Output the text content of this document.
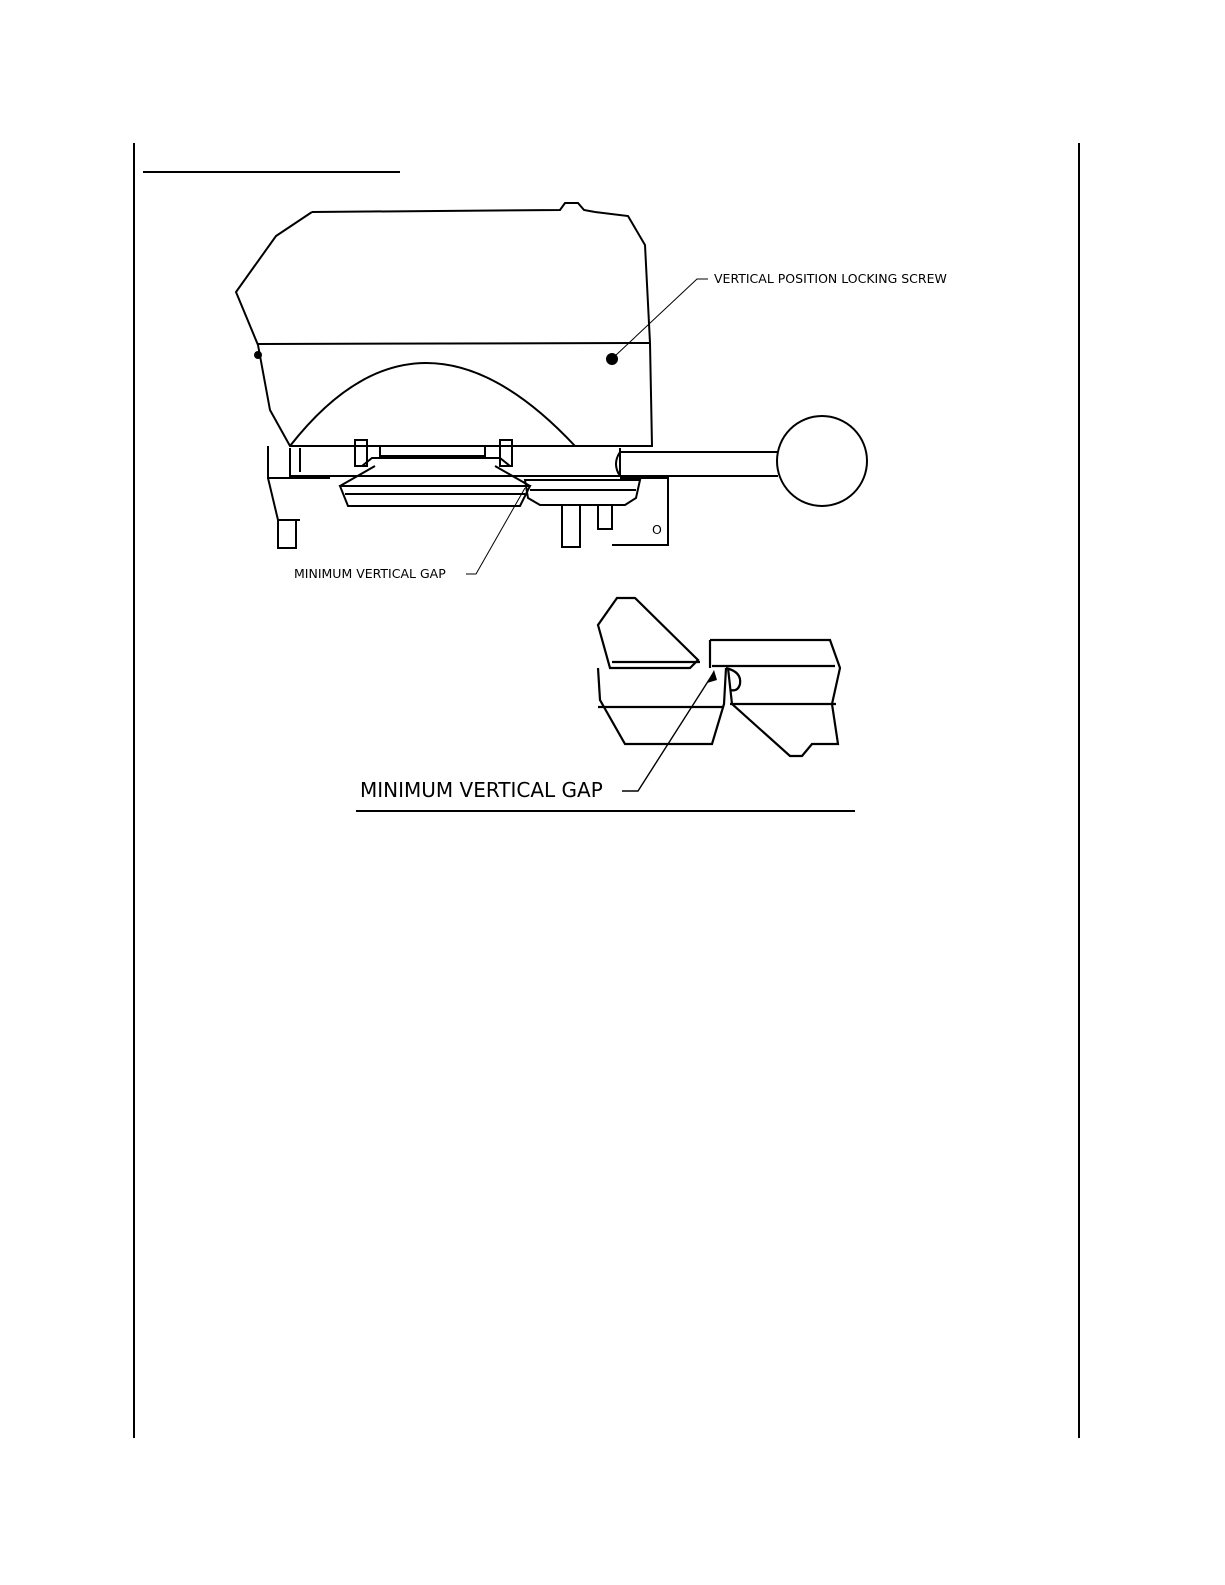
VERTICAL POSITION LOCKING SCREW
MINIMUM VERTICAL GAP
O
MINIMUM VERTICAL GAP
